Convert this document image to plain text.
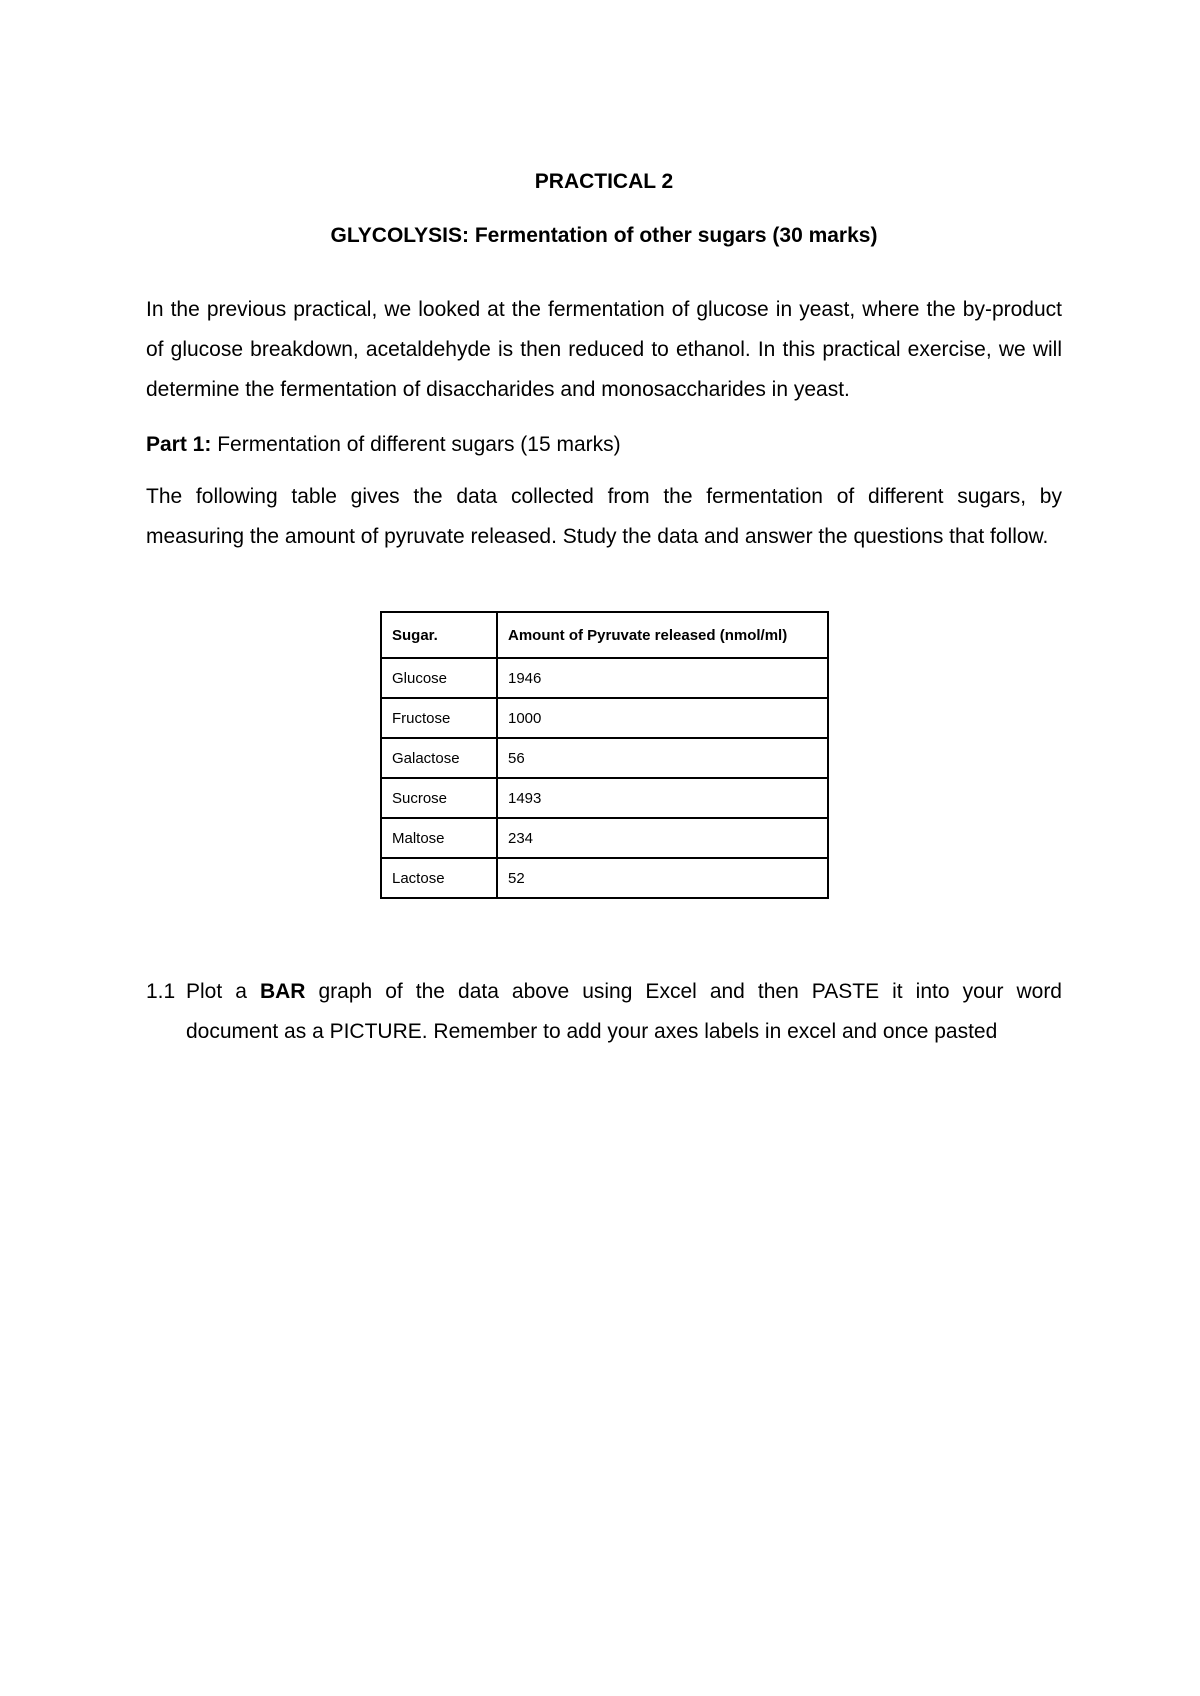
PRACTICAL 2
GLYCOLYSIS: Fermentation of other sugars (30 marks)

In the previous practical, we looked at the fermentation of glucose in yeast, where the by-product of glucose breakdown, acetaldehyde is then reduced to ethanol. In this practical exercise, we will determine the fermentation of disaccharides and monosaccharides in yeast.

Part 1: Fermentation of different sugars (15 marks)

The following table gives the data collected from the fermentation of different sugars, by measuring the amount of pyruvate released. Study the data and answer the questions that follow.

Sugar.	Amount of Pyruvate released (nmol/ml)
Glucose	1946
Fructose	1000
Galactose	56
Sucrose	1493
Maltose	234
Lactose	52
1.1 Plot a BAR graph of the data above using Excel and then PASTE it into your word
document as a PICTURE. Remember to add your axes labels in excel and once pasted
